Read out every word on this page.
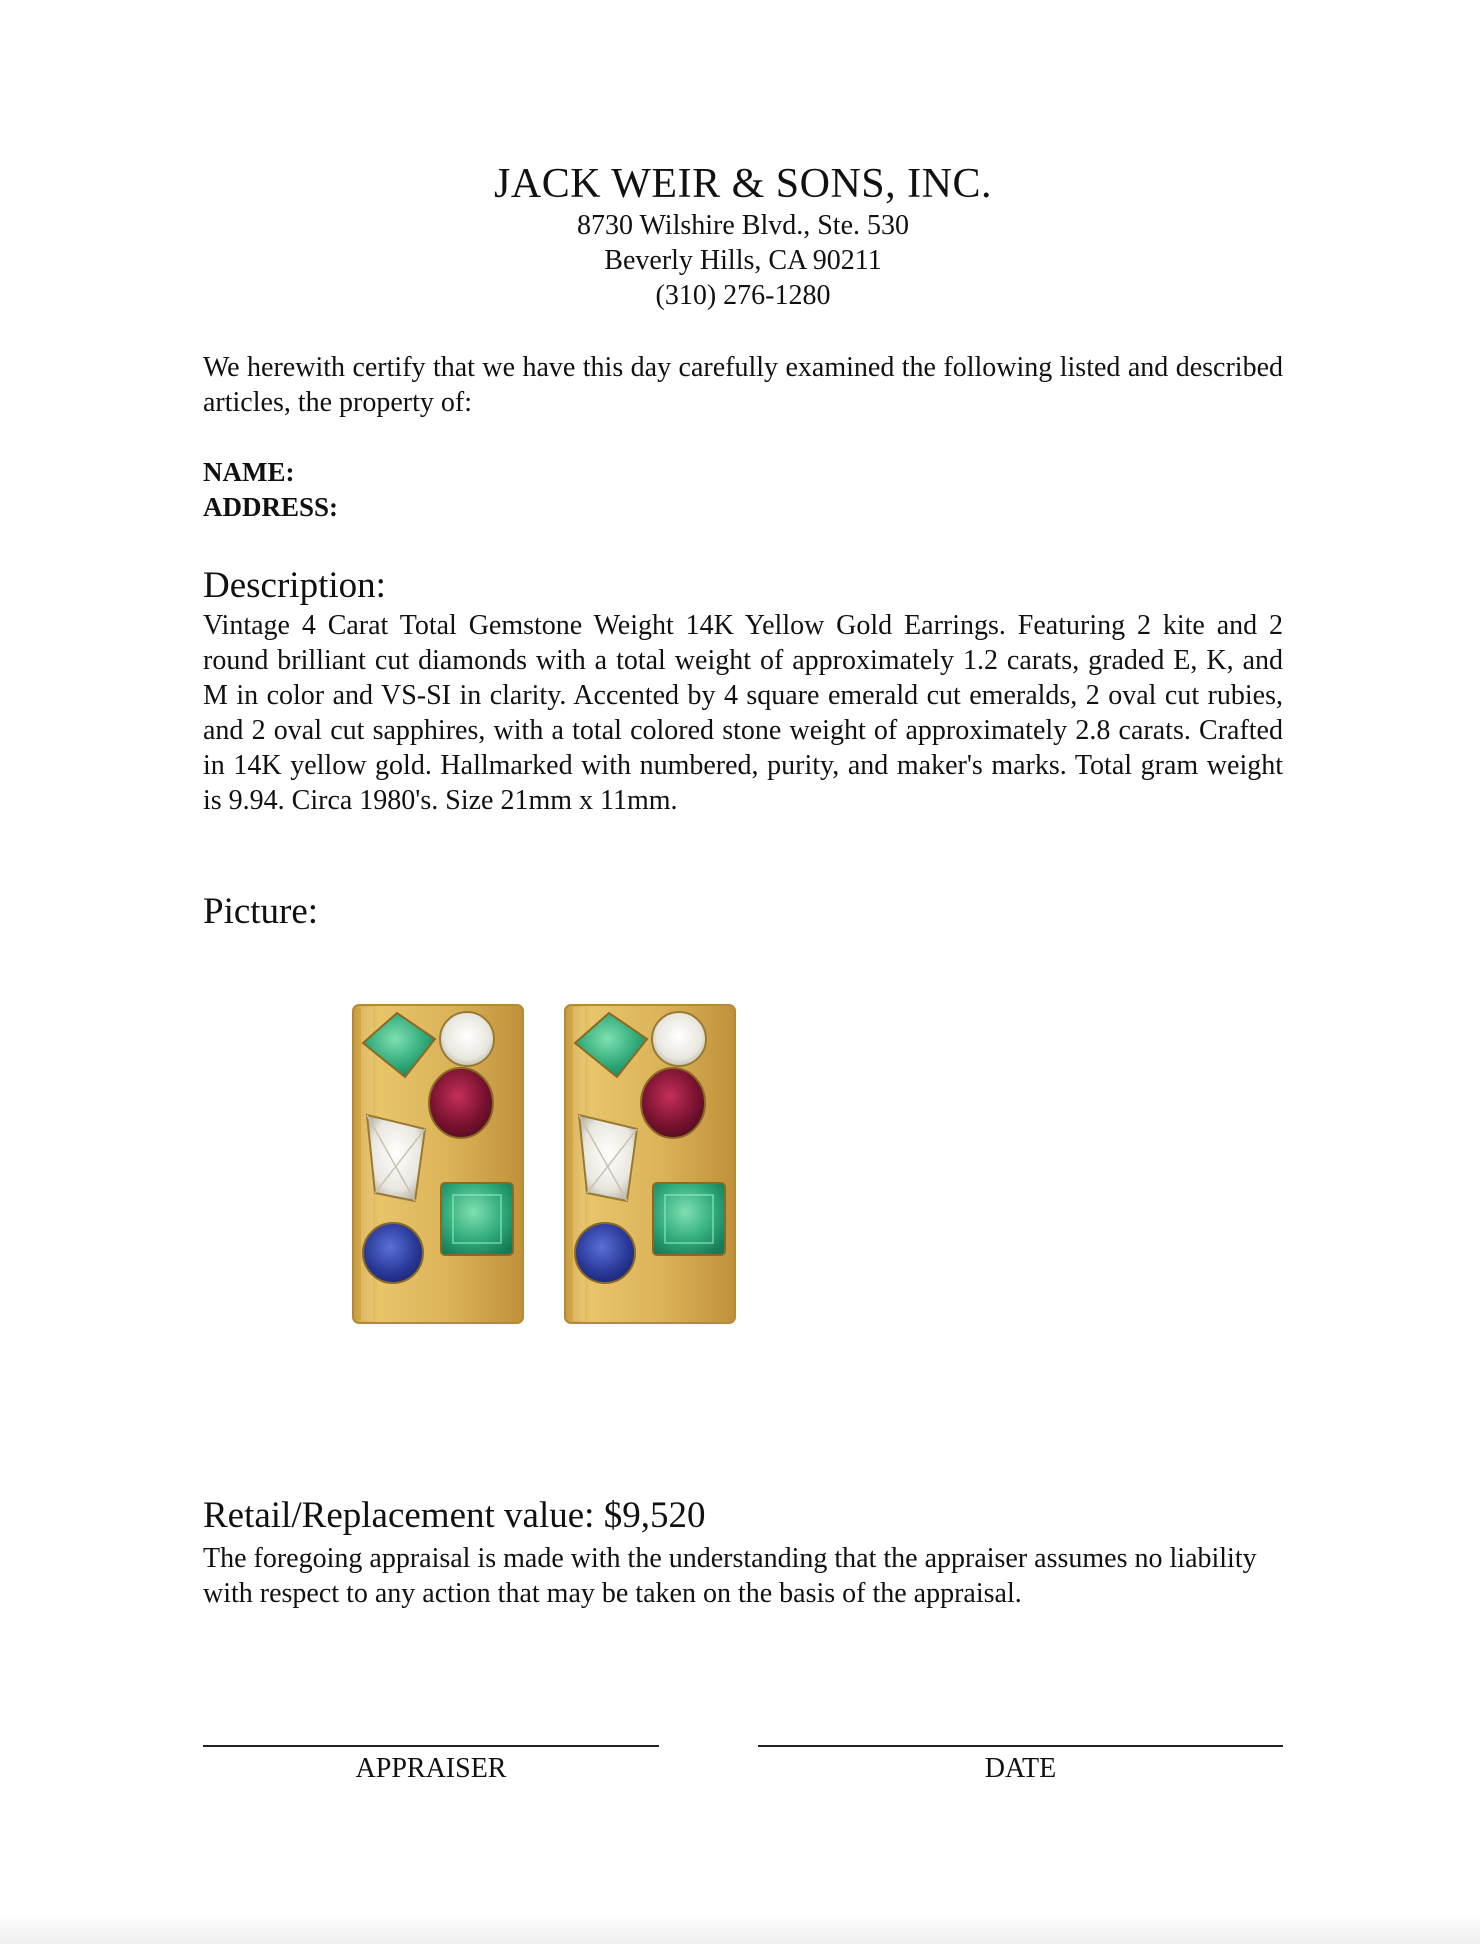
JACK WEIR & SONS, INC.
8730 Wilshire Blvd., Ste. 530
Beverly Hills, CA 90211
(310) 276-1280

We herewith certify that we have this day carefully examined the following listed and described articles, the property of:

NAME:
ADDRESS:
Description:

Vintage 4 Carat Total Gemstone Weight 14K Yellow Gold Earrings. Featuring 2 kite and 2 round brilliant cut diamonds with a total weight of approximately 1.2 carats, graded E, K, and M in color and VS-SI in clarity. Accented by 4 square emerald cut emeralds, 2 oval cut rubies, and 2 oval cut sapphires, with a total colored stone weight of approximately 2.8 carats. Crafted in 14K yellow gold. Hallmarked with numbered, purity, and maker's marks. Total gram weight is 9.94. Circa 1980's. Size 21mm x 11mm.

Picture:
Retail/Replacement value: $9,520

The foregoing appraisal is made with the understanding that the appraiser assumes no liability with respect to any action that may be taken on the basis of the appraisal.

APPRAISER	DATE
